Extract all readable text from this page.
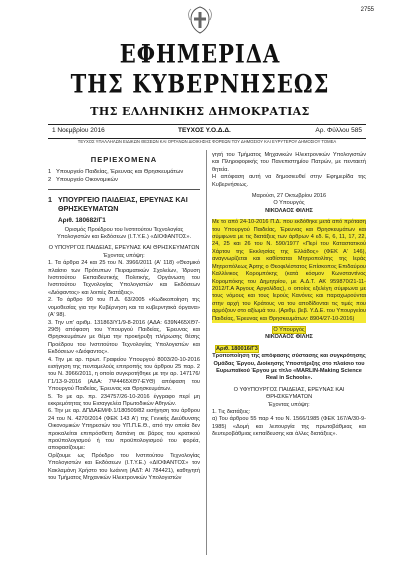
2755
ΕΦΗΜΕΡΙΔΑ
ΤΗΣ ΚΥΒΕΡΝΗΣΕΩΣ
ΤΗΣ ΕΛΛΗΝΙΚΗΣ ΔΗΜΟΚΡΑΤΙΑΣ
1 Νοεμβρίου 2016	ΤΕΥΧΟΣ Υ.Ο.Δ.Δ.	Αρ. Φύλλου 585
ΤΕΥΧΟΣ ΥΠΑΛΛΗΛΩΝ ΕΙΔΙΚΩΝ ΘΕΣΕΩΝ ΚΑΙ ΟΡΓΑΝΩΝ ΔΙΟΙΚΗΣΗΣ ΦΟΡΕΩΝ ΤΟΥ ΔΗΜΟΣΙΟΥ ΚΑΙ ΕΥΡΥΤΕΡΟΥ ΔΗΜΟΣΙΟΥ ΤΟΜΕΑ
ΠΕΡΙΕΧΟΜΕΝΑ
1 Υπουργείο Παιδείας, Έρευνας και Θρησκευμάτων
2 Υπουργείο Οικονομικών
1 ΥΠΟΥΡΓΕΙΟ ΠΑΙΔΕΙΑΣ, ΕΡΕΥΝΑΣ ΚΑΙ ΘΡΗΣΚΕΥΜΑΤΩΝ
Αριθ. 180682/Γ1
Ορισμός Προέδρου του Ινστιτούτου Τεχνολογίας Υπολογιστών και Εκδόσεων (Ι.Τ.Υ.Ε.) «ΔΙΟΦΑΝΤΟΣ».
Ο ΥΠΟΥΡΓΟΣ ΠΑΙΔΕΙΑΣ, ΕΡΕΥΝΑΣ ΚΑΙ ΘΡΗΣΚΕΥΜΑΤΩΝ
Έχοντας υπόψη:
1. Τα άρθρα 24 και 25 του Ν. 3966/2011 (Α' 118) «Θεσμικό πλαίσιο των Πρότυπων Πειραματικών Σχολείων, Ίδρυση Ινστιτούτου Εκπαιδευτικής Πολιτικής, Οργάνωση του Ινστιτούτου Τεχνολογίας Υπολογιστών και Εκδόσεων «Διόφαντος» και λοιπές διατάξεις».
2. Το άρθρο 90 του Π.Δ. 63/2005 «Κωδικοποίηση της νομοθεσίας για την Κυβέρνηση και τα κυβερνητικά όργανα» (Α' 98).
3. Την υπ' αριθμ. 131863/Υ1/9-8-2016 (ΑΔΑ: 639Ν465ΧΘ7-29Θ) απόφαση του Υπουργού Παιδείας, Έρευνας και Θρησκευμάτων με θέμα την προκήρυξη πλήρωσης θέσης Προέδρου του Ινστιτούτου Τεχνολογίας Υπολογιστών και Εκδόσεων «Διόφαντος».
4. Την με αρ. πρωτ. Γραφείου Υπουργού 8003/20-10-2016 εισήγηση της πενταμελούς επιτροπής του άρθρου 25 παρ. 2 του Ν. 3966/2011, η οποία συγκροτήθηκε με την αρ. 147176/Γ1/13-9-2016 (ΑΔΑ: 7Ψ4465ΧΘ7-ΕΥΘ) απόφαση του Υπουργού Παιδείας, Έρευνας και Θρησκευμάτων.
5. Το με αρ. πρ. 234757/26-10-2016 έγγραφο περί μη εκκρεμότητας του Εισαγγελέα Πρωτοδικών Αθηνών.
6. Την με αρ. ΔΠΔΑΕΜ/Φ.1/180509/82 εισήγηση του άρθρου 24 του Ν. 4270/2014 (ΦΕΚ 143 Α') της Γενικής Διεύθυνσης Οικονομικών Υπηρεσιών του ΥΠ.Π.Ε.Θ., από την οποία δεν προκαλείται επιπρόσθετη δαπάνη σε βάρος του κρατικού προϋπολογισμού ή του προϋπολογισμού του φορέα, αποφασίζουμε:
Ορίζουμε ως Πρόεδρο του Ινστιτούτου Τεχνολογίας Υπολογιστών και Εκδόσεων (Ι.Τ.Υ.Ε.) «ΔΙΟΦΑΝΤΟΣ» τον Κακλαμάνη Χρήστο του Ιωάννη (ΑΔΤ: ΑΙ 784421), καθηγητή του Τμήματος Μηχανικών Ηλεκτρονικών Υπολογιστών
γητή του Τμήματος Μηχανικών Ηλεκτρονικών Υπολογιστών και Πληροφορικής του Πανεπιστημίου Πατρών, με πενταετή θητεία.
Η απόφαση αυτή να δημοσιευθεί στην Εφημερίδα της Κυβερνήσεως.
Μαρούσι, 27 Οκτωβρίου 2016
Ο Υπουργός
ΝΙΚΟΛΑΟΣ ΦΙΛΗΣ
Με το από 24-10-2016 Π.Δ. που εκδόθηκε μετά από πρόταση του Υπουργού Παιδείας, Έρευνας και Θρησκευμάτων και σύμφωνα με τις διατάξεις των άρθρων 4 εδ. Ε, 6, 11, 17, 22, 24, 25 και 26 του Ν. 590/1977 «Περί του Καταστατικού Χάρτου της Εκκλησίας της Ελλάδος» (ΦΕΚ Α' 146), αναγνωρίζεται και καθίσταται Μητροπολίτης της Ιεράς Μητροπόλεως Άρτης ο Θεοφιλέστατος Επίσκοπος Επιδαύρου Καλλίνικος Κορομπόκης (κατά κόσμον Κωνσταντίνος Κορομπόκης του Δημητρίου, με Α.Δ.Τ. ΑΚ 959870/21-11-2012/Τ.Α Άργους Αργολίδας), ο οποίος εξελέγη σύμφωνα με τους νόμους και τους Ιερούς Κανόνες και παραχωρούνται στην αρχή του Κράτους να του αποδίδονται τις τιμές που αρμόζουν στο αξίωμά του. (Αριθμ. βεβ. Υ.Δ.Ε. του Υπουργείου Παιδείας, Έρευνας και Θρησκευμάτων: 8904/27-10-2016)
Ο Υπουργός
ΝΙΚΟΛΑΟΣ ΦΙΛΗΣ
Αριθ. 180016/Γ3
Τροποποίηση της απόφασης σύστασης και συγκρότησης Ομάδας Έργου, Διοίκησης Υποστήριξης στο πλαίσιο του Ευρωπαϊκού Έργου με τίτλο «MARLIN-Making Science Real in Schools».
Ο ΥΦΥΠΟΥΡΓΟΣ ΠΑΙΔΕΙΑΣ, ΕΡΕΥΝΑΣ ΚΑΙ ΘΡΗΣΚΕΥΜΑΤΩΝ
Έχοντας υπόψη:
1. Τις διατάξεις:
α) Του άρθρου 55 παρ 4 του Ν. 1566/1985 (ΦΕΚ 167/Α/30-9-1985) «Δομή και λειτουργία της πρωτοβάθμιας και δευτεροβάθμιας εκπαίδευσης και άλλες διατάξεις».
